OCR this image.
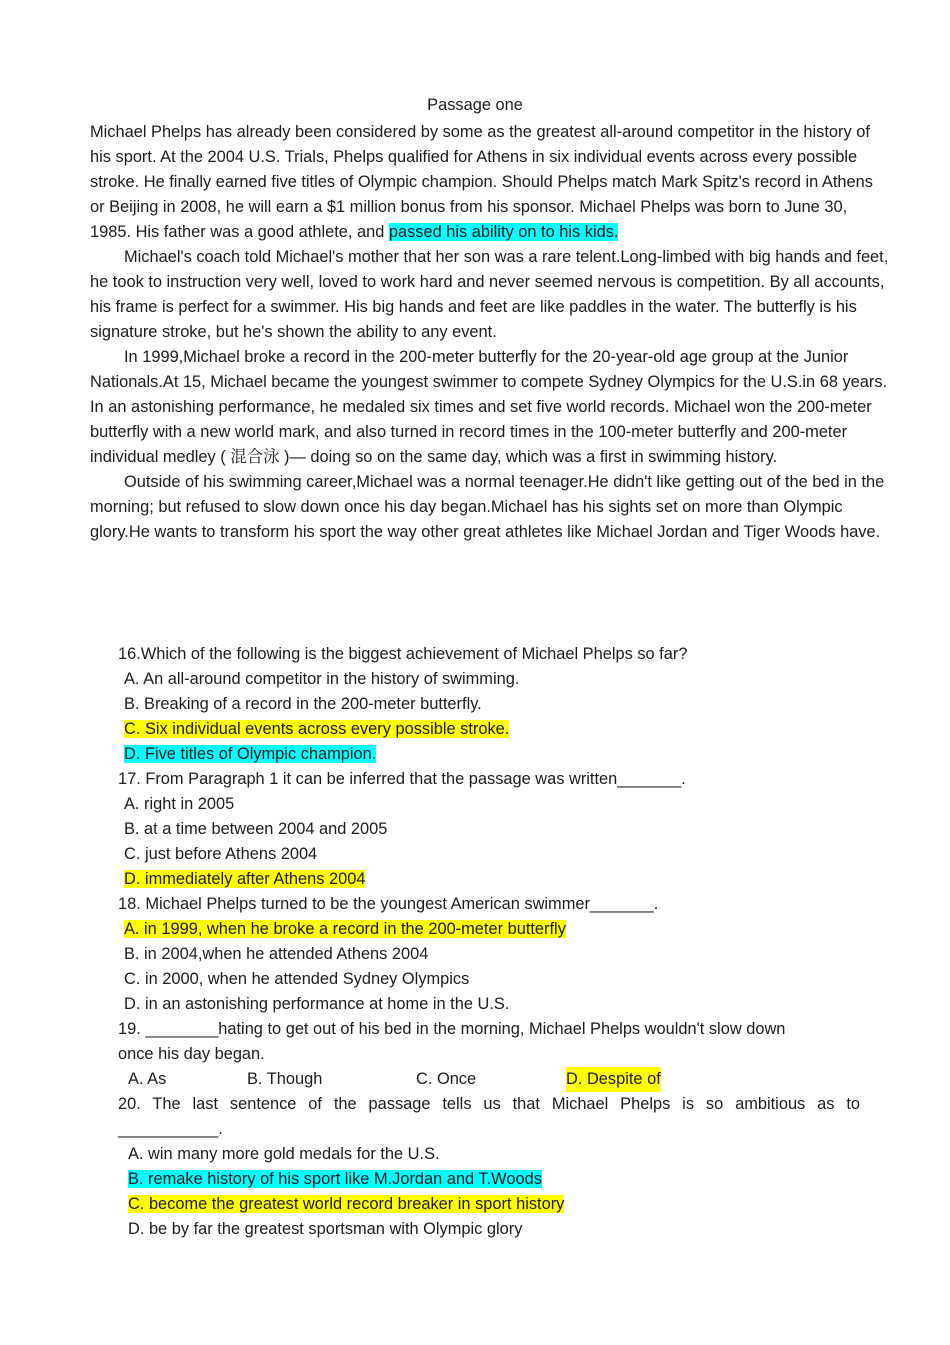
Passage one

Michael Phelps has already been considered by some as the greatest all-around competitor in the history of his sport. At the 2004 U.S. Trials, Phelps qualified for Athens in six individual events across every possible stroke. He finally earned five titles of Olympic champion. Should Phelps match Mark Spitz's record in Athens or Beijing in 2008, he will earn a $1 million bonus from his sponsor. Michael Phelps was born to June 30, 1985. His father was a good athlete, and passed his ability on to his kids.

Michael's coach told Michael's mother that her son was a rare telent.Long-limbed with big hands and feet, he took to instruction very well, loved to work hard and never seemed nervous is competition. By all accounts, his frame is perfect for a swimmer. His big hands and feet are like paddles in the water. The butterfly is his signature stroke, but he's shown the ability to any event.

In 1999,Michael broke a record in the 200-meter butterfly for the 20-year-old age group at the Junior Nationals.At 15, Michael became the youngest swimmer to compete Sydney Olympics for the U.S.in 68 years. In an astonishing performance, he medaled six times and set five world records. Michael won the 200-meter butterfly with a new world mark, and also turned in record times in the 100-meter butterfly and 200-meter individual medley ( 混合泳 )— doing so on the same day, which was a first in swimming history.

Outside of his swimming career,Michael was a normal teenager.He didn't like getting out of the bed in the morning; but refused to slow down once his day began.Michael has his sights set on more than Olympic glory.He wants to transform his sport the way other great athletes like Michael Jordan and Tiger Woods have.

16.Which of the following is the biggest achievement of Michael Phelps so far?
A. An all-around competitor in the history of swimming.
B. Breaking of a record in the 200-meter butterfly.
C. Six individual events across every possible stroke.
D. Five titles of Olympic champion.
17. From Paragraph 1 it can be inferred that the passage was written_______.
A. right in 2005
B. at a time between 2004 and 2005
C. just before Athens 2004
D. immediately after Athens 2004
18. Michael Phelps turned to be the youngest American swimmer_______.
A. in 1999, when he broke a record in the 200-meter butterfly
B. in 2004,when he attended Athens 2004
C. in 2000, when he attended Sydney Olympics
D. in an astonishing performance at home in the U.S.
19. ________hating to get out of his bed in the morning, Michael Phelps wouldn't slow down
once his day began.
A. As	B. Though	C. Once	D. Despite of
20. The last sentence of the passage tells us that Michael Phelps is so ambitious as to
___________.
A. win many more gold medals for the U.S.
B. remake history of his sport like M.Jordan and T.Woods
C. become the greatest world record breaker in sport history
D. be by far the greatest sportsman with Olympic glory
